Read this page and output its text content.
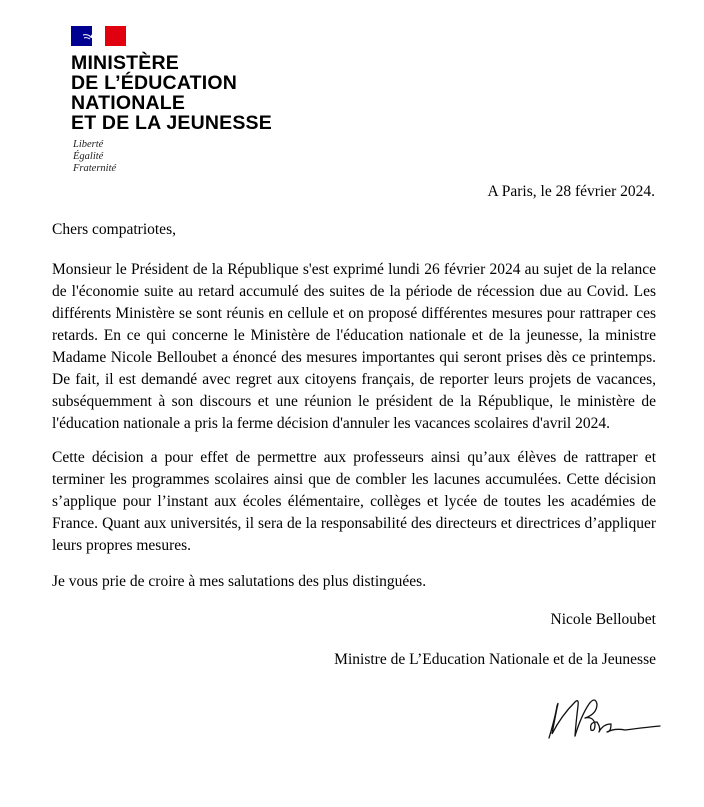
MINISTÈRE
DE L’ÉDUCATION
NATIONALE
ET DE LA JEUNESSE
Liberté
Égalité
Fraternité
A Paris, le 28 février 2024.
Chers compatriotes,
Monsieur le Président de la République s'est exprimé lundi 26 février 2024 au sujet de la relance de l'économie suite au retard accumulé des suites de la période de récession due au Covid. Les différents Ministère se sont réunis en cellule et on proposé différentes mesures pour rattraper ces retards. En ce qui concerne le Ministère de l'éducation nationale et de la jeunesse, la ministre Madame Nicole Belloubet a énoncé des mesures importantes qui seront prises dès ce printemps. De fait, il est demandé avec regret aux citoyens français, de reporter leurs projets de vacances, subséquemment à son discours et une réunion le président de la République, le ministère de l'éducation nationale a pris la ferme décision d'annuler les vacances scolaires d'avril 2024.
Cette décision a pour effet de permettre aux professeurs ainsi qu’aux élèves de rattraper et terminer les programmes scolaires ainsi que de combler les lacunes accumulées. Cette décision s’applique pour l’instant aux écoles élémentaire, collèges et lycée de toutes les académies de France. Quant aux universités, il sera de la responsabilité des directeurs et directrices d’appliquer leurs propres mesures.
Je vous prie de croire à mes salutations des plus distinguées.
Nicole Belloubet
Ministre de L’Education Nationale et de la Jeunesse
